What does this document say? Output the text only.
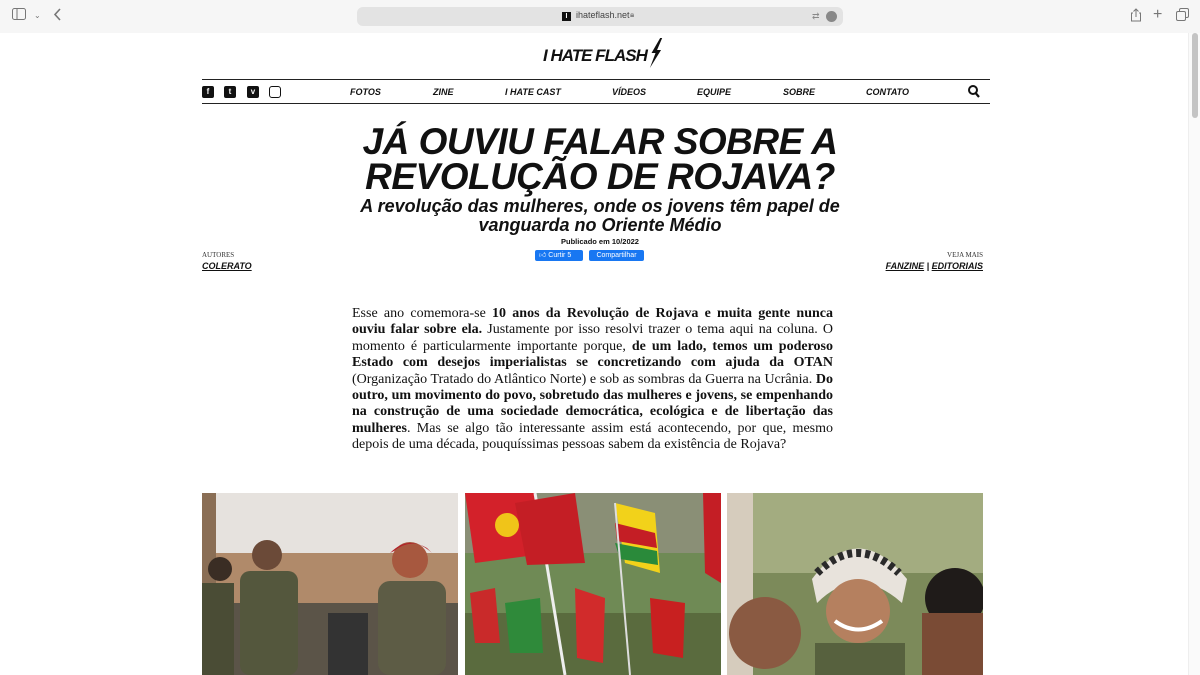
⌄	I ihateflash.net 🔒︎	⇄	+
I HATE FLASH
f	t	v	FOTOS	ZINE	I HATE CAST	VÍDEOS	EQUIPE	SOBRE	CONTATO
JÁ OUVIU FALAR SOBRE A
REVOLUÇÃO DE ROJAVA?
A revolução das mulheres, onde os jovens têm papel de
vanguarda no Oriente Médio
Publicado em 10/2022
👍︎ Curtir 5	Compartilhar
AUTORES
COLERATO
VEJA MAIS
FANZINE | EDITORIAIS
Esse ano comemora-se 10 anos da Revolução de Rojava e muita gente nunca ouviu falar sobre ela. Justamente por isso resolvi trazer o tema aqui na coluna. O momento é particularmente importante porque, de um lado, temos um poderoso Estado com desejos imperialistas se concretizando com ajuda da OTAN (Organização Tratado do Atlântico Norte) e sob as sombras da Guerra na Ucrânia. Do outro, um movimento do povo, sobretudo das mulheres e jovens, se empenhando na construção de uma sociedade democrática, ecológica e de libertação das mulheres. Mas se algo tão interessante assim está acontecendo, por que, mesmo depois de uma década, pouquíssimas pessoas sabem da existência de Rojava?
